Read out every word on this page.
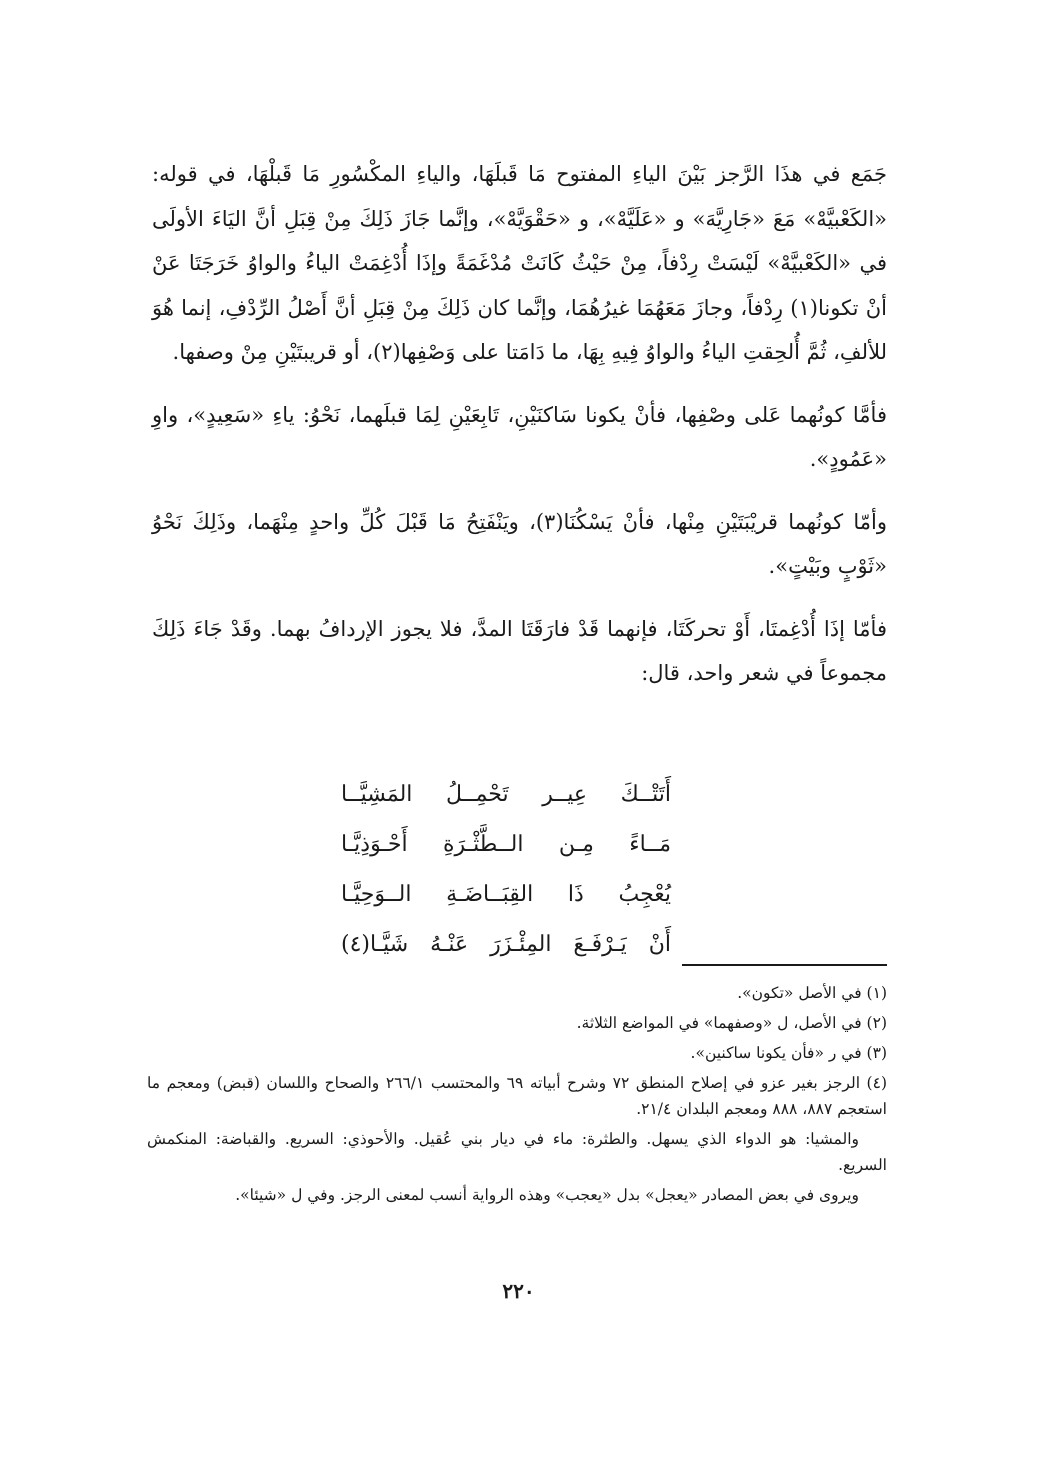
جَمَع في هذَا الرَّجز بَيْنَ الياءِ المفتوح مَا قَبلَهَا، والياءِ المكْسُورِ مَا قَبلْهَا، في قوله: «الكَعْبيَّهْ» مَعَ «جَارِيَّهَ» و «عَلَيَّهْ»، و «حَقْوَيَّهْ»، وإنَّما جَازَ ذَلِكَ مِنْ قِبَلِ أنَّ اليَاءَ الأولَى في «الكَعْبيَّهْ» لَيْسَتْ رِدْفاً، مِنْ حَيْثُ كَانَتْ مُدْغَمَةً وإذَا أُدْغِمَتْ الياءُ والواوُ خَرَجَتَا عَنْ أنْ تكونا(١) رِدْفاً، وجازَ مَعَهُمَا غيرُهُمَا، وإنَّما كان ذَلِكَ مِنْ قِبَلِ أنَّ أَصْلُ الرِّدْفِ، إنما هُوَ للألفِ، ثُمَّ أُلحِقتِ الياءُ والواوُ فِيهِ بِهَا، ما دَامَتا على وَصْفِها(٢)، أو قريبتَيْنِ مِنْ وصفها.

فأمَّا كونُهما عَلى وصْفِها، فأنْ يكونا سَاكنَيْنِ، تَابِعَيْنِ لِمَا قبلَهما، نَحْوُ: ياءِ «سَعِيدٍ»، واوِ «عَمُودٍ».

وأمّا كونُهما قريْبَتَيْنِ مِنْها، فأنْ يَسْكُنَا(٣)، ويَنْفَتِحُ مَا قَبْلَ كُلِّ واحدٍ مِنْهَما، وذَلِكَ نَحْوُ «ثَوْبٍ وبَيْتٍ».

فأمّا إذَا أُدْغِمتَا، أَوْ تحركَتَا، فإنهما قَدْ فارَقَتَا المدَّ، فلا يجوز الإردافُ بهما. وقَدْ جَاءَ ذَلِكَ مجموعاً في شعر واحد، قال:

أَتَتْــكَ عِيــر تَحْمِــلُ المَشِيَّــا
مَــاءً مِـن الــطَّثْـرَةِ أَحْـوَذِيَّـا
يُعْجِبُ ذَا القِبَــاضَـةِ الــوَحِيَّـا
أَنْ يَـرْفَـعَ المِئْـزَرَ عَنْـهُ شَيَّـا(٤)

(١) في الأصل «تكون».

(٢) في الأصل، ل «وصفهما» في المواضع الثلاثة.

(٣) في ر «فأن يكونا ساكنين».

(٤) الرجز بغير عزو في إصلاح المنطق ٧٢ وشرح أبياته ٦٩ والمحتسب ٢٦٦/١ والصحاح واللسان (قبض) ومعجم ما استعجم ٨٨٧، ٨٨٨ ومعجم البلدان ٢١/٤.

والمشيا: هو الدواء الذي يسهل. والطثرة: ماء في ديار بني عُقيل. والأحوذي: السريع. والقباضة: المنكمش السريع.

ويروى في بعض المصادر «يعجل» بدل «يعجب» وهذه الرواية أنسب لمعنى الرجز. وفي ل «شيئا».

٢٢٠
